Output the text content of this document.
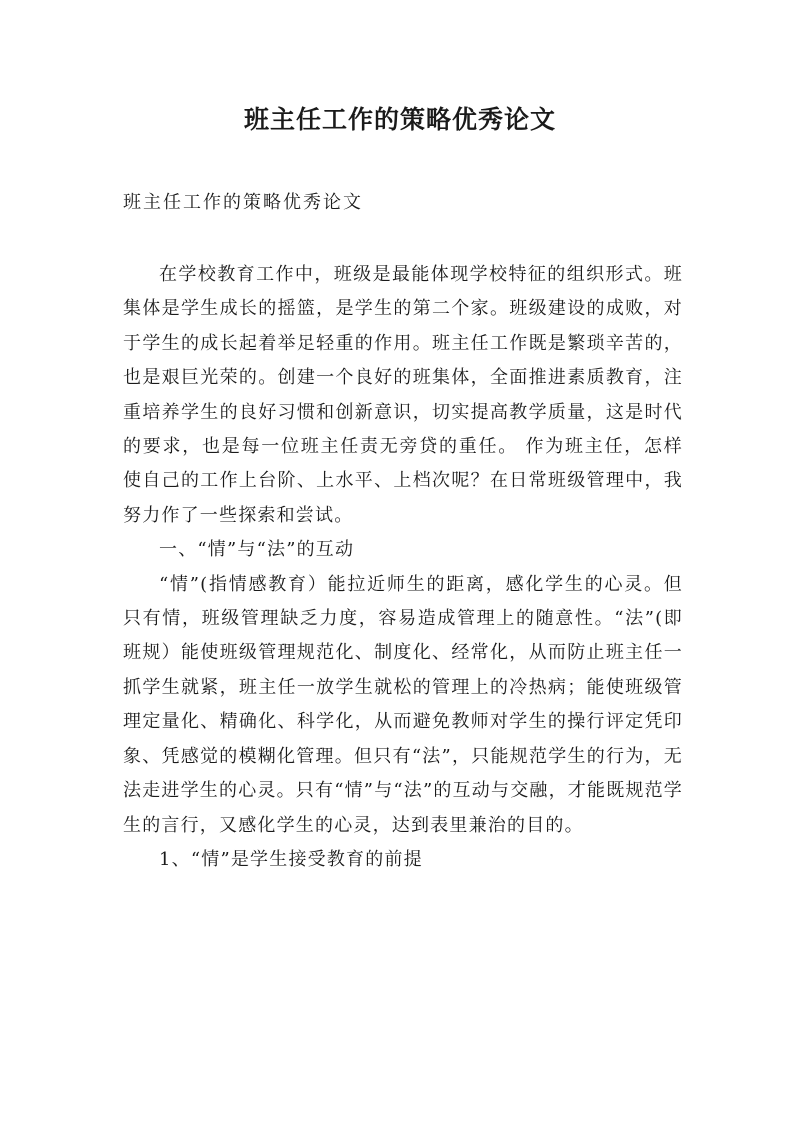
班主任工作的策略优秀论文
班主任工作的策略优秀论文

在学校教育工作中，班级是最能体现学校特征的组织形式。班集体是学生成长的摇篮，是学生的第二个家。班级建设的成败，对于学生的成长起着举足轻重的作用。班主任工作既是繁琐辛苦的，也是艰巨光荣的。创建一个良好的班集体，全面推进素质教育，注重培养学生的良好习惯和创新意识，切实提高教学质量，这是时代的要求，也是每一位班主任责无旁贷的重任。 作为班主任，怎样使自己的工作上台阶、上水平、上档次呢？在日常班级管理中，我努力作了一些探索和尝试。

一、“情”与“法”的互动

“情”(指情感教育）能拉近师生的距离，感化学生的心灵。但只有情，班级管理缺乏力度，容易造成管理上的随意性。“法”(即班规）能使班级管理规范化、制度化、经常化，从而防止班主任一抓学生就紧，班主任一放学生就松的管理上的冷热病；能使班级管理定量化、精确化、科学化，从而避免教师对学生的操行评定凭印象、凭感觉的模糊化管理。但只有“法”，只能规范学生的行为，无法走进学生的心灵。只有“情”与“法”的互动与交融，才能既规范学生的言行，又感化学生的心灵，达到表里兼治的目的。

1、“情”是学生接受教育的前提
